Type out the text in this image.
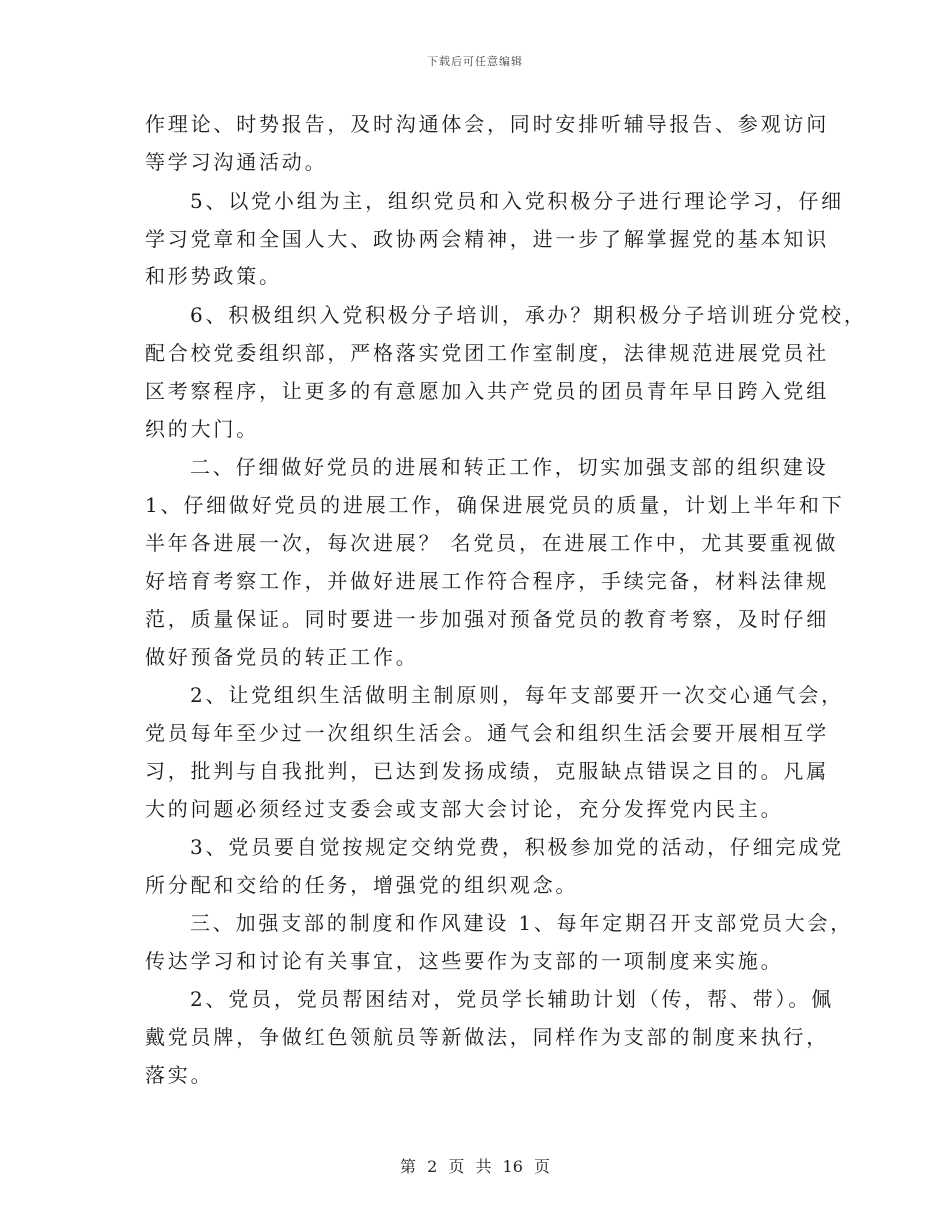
下载后可任意编辑
作理论、时势报告，及时沟通体会，同时安排听辅导报告、参观访问
等学习沟通活动。
5、以党小组为主，组织党员和入党积极分子进行理论学习，仔细
学习党章和全国人大、政协两会精神，进一步了解掌握党的基本知识
和形势政策。
6、积极组织入党积极分子培训，承办？期积极分子培训班分党校，
配合校党委组织部，严格落实党团工作室制度，法律规范进展党员社
区考察程序，让更多的有意愿加入共产党员的团员青年早日跨入党组
织的大门。
二、仔细做好党员的进展和转正工作，切实加强支部的组织建设
1、仔细做好党员的进展工作，确保进展党员的质量，计划上半年和下
半年各进展一次，每次进展？ 名党员，在进展工作中，尤其要重视做
好培育考察工作，并做好进展工作符合程序，手续完备，材料法律规
范，质量保证。同时要进一步加强对预备党员的教育考察，及时仔细
做好预备党员的转正工作。
2、让党组织生活做明主制原则，每年支部要开一次交心通气会，
党员每年至少过一次组织生活会。通气会和组织生活会要开展相互学
习，批判与自我批判，已达到发扬成绩，克服缺点错误之目的。凡属
大的问题必须经过支委会或支部大会讨论，充分发挥党内民主。
3、党员要自觉按规定交纳党费，积极参加党的活动，仔细完成党
所分配和交给的任务，增强党的组织观念。
三、加强支部的制度和作风建设 1、每年定期召开支部党员大会，
传达学习和讨论有关事宜，这些要作为支部的一项制度来实施。
2、党员，党员帮困结对，党员学长辅助计划（传，帮、带）。佩
戴党员牌，争做红色领航员等新做法，同样作为支部的制度来执行，
落实。
第 2 页 共 16 页
